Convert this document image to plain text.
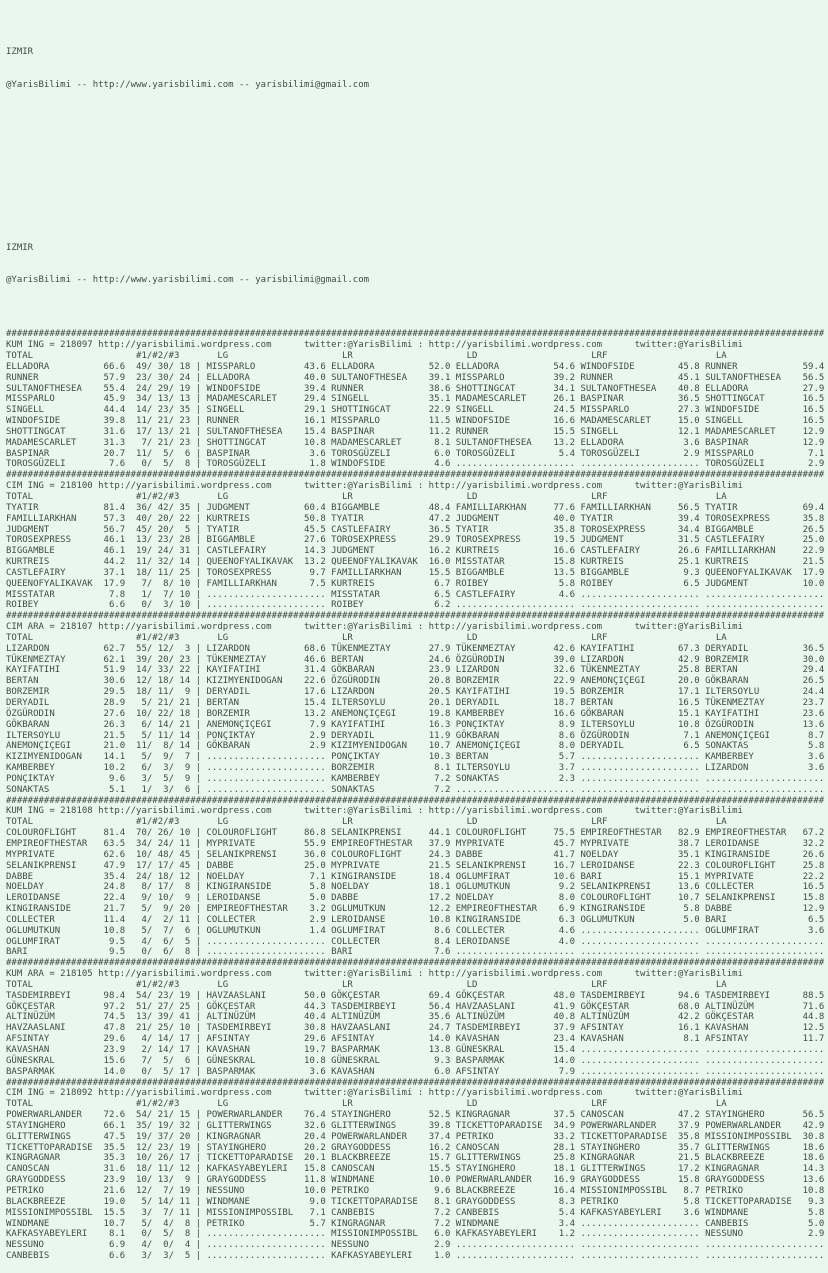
IZMIR

@YarisBilimi -- http://www.yarisbilimi.com -- yarisbilimi@gmail.com

IZMIR

@YarisBilimi -- http://www.yarisbilimi.com -- yarisbilimi@gmail.com

#######################################################################################################################################################
KUM ING = 218097 http://yarisbilimi.wordpress.com	twitter:@YarisBilimi : http://yarisbilimi.wordpress.com	twitter:@YarisBilimi
TOTAL                   #1/#2/#3       LG                     LR                     LD                     LRF                    LA
ELLADORA          66.6  49/ 30/ 18 | MISSPARLO         43.6 ELLADORA          52.0 ELLADORA          54.6 WINDOFSIDE        45.8 RUNNER            59.4
RUNNER            57.9  23/ 30/ 24 | ELLADORA          40.0 SULTANOFTHESEA    39.1 MISSPARLO         39.2 RUNNER            45.1 SULTANOFTHESEA    56.5
SULTANOFTHESEA    55.4  24/ 29/ 19 | WINDOFSIDE        39.4 RUNNER            38.6 SHOTTINGCAT       34.1 SULTANOFTHESEA    40.8 ELLADORA          27.9
MISSPARLO         45.9  34/ 13/ 13 | MADAMESCARLET     29.4 SINGELL           35.1 MADAMESCARLET     26.1 BASPINAR          36.5 SHOTTINGCAT       16.5
SINGELL           44.4  14/ 23/ 35 | SINGELL           29.1 SHOTTINGCAT       22.9 SINGELL           24.5 MISSPARLO         27.3 WINDOFSIDE        16.5
WINDOFSIDE        39.8  11/ 21/ 23 | RUNNER            16.1 MISSPARLO         11.5 WINDOFSIDE        16.6 MADAMESCARLET     15.0 SINGELL           16.5
SHOTTINGCAT       31.6  17/ 13/ 21 | SULTANOFTHESEA    15.4 BASPINAR          11.2 RUNNER            15.5 SINGELL           12.1 MADAMESCARLET     12.9
MADAMESCARLET     31.3   7/ 21/ 23 | SHOTTINGCAT       10.8 MADAMESCARLET      8.1 SULTANOFTHESEA    13.2 ELLADORA           3.6 BASPINAR          12.9
BASPINAR          20.7  11/  5/  6 | BASPINAR           3.6 TOROSGÜZELI        6.0 TOROSGÜZELI        5.4 TOROSGÜZELI        2.9 MISSPARLO          7.1
TOROSGÜZELI        7.6   0/  5/  8 | TOROSGÜZELI        1.8 WINDOFSIDE         4.6 ...................... ...................... TOROSGÜZELI        2.9
#######################################################################################################################################################
CIM ING = 218100 http://yarisbilimi.wordpress.com	twitter:@YarisBilimi : http://yarisbilimi.wordpress.com	twitter:@YarisBilimi
TOTAL                   #1/#2/#3       LG                     LR                     LD                     LRF                    LA
TYATIR            81.4  36/ 42/ 35 | JUDGMENT          60.4 BIGGAMBLE         48.4 FAMILLIARKHAN     77.6 FAMILLIARKHAN     56.5 TYATIR            69.4
FAMILLIARKHAN     57.3  40/ 20/ 22 | KURTREIS          50.8 TYATIR            47.2 JUDGMENT          40.0 TYATIR            39.4 TOROSEXPRESS      35.8
JUDGMENT          56.7  45/ 20/  5 | TYATIR            45.5 CASTLEFAIRY       36.5 TYATIR            35.8 TOROSEXPRESS      34.4 BIGGAMBLE         26.5
TOROSEXPRESS      46.1  13/ 23/ 28 | BIGGAMBLE         27.6 TOROSEXPRESS      29.9 TOROSEXPRESS      19.5 JUDGMENT          31.5 CASTLEFAIRY       25.0
BIGGAMBLE         46.1  19/ 24/ 31 | CASTLEFAIRY       14.3 JUDGMENT          16.2 KURTREIS          16.6 CASTLEFAIRY       26.6 FAMILLIARKHAN     22.9
KURTREIS          44.2  11/ 32/ 14 | QUEENOFYALIKAVAK  13.2 QUEENOFYALIKAVAK  16.0 MISSTATAR         15.8 KURTREIS          25.1 KURTREIS          21.5
CASTLEFAIRY       37.1  18/ 11/ 25 | TOROSEXPRESS       9.7 FAMILLIARKHAN     15.5 BIGGAMBLE         13.5 BIGGAMBLE          9.3 QUEENOFYALIKAVAK  17.9
QUEENOFYALIKAVAK  17.9   7/  8/ 10 | FAMILLIARKHAN      7.5 KURTREIS           6.7 ROIBEY             5.8 ROIBEY             6.5 JUDGMENT          10.0
MISSTATAR          7.8   1/  7/ 10 | ...................... MISSTATAR          6.5 CASTLEFAIRY        4.6 ...................... ......................
ROIBEY             6.6   0/  3/ 10 | ...................... ROIBEY             6.2 ...................... ...................... ......................
#######################################################################################################################################################
CIM ARA = 218107 http://yarisbilimi.wordpress.com	twitter:@YarisBilimi : http://yarisbilimi.wordpress.com	twitter:@YarisBilimi
TOTAL                   #1/#2/#3       LG                     LR                     LD                     LRF                    LA
LIZARDON          62.7  55/ 12/  3 | LIZARDON          68.6 TÜKENMEZTAY       27.9 TÜKENMEZTAY       42.6 KAYIFATIHI        67.3 DERYADIL          36.5
TÜKENMEZTAY       62.1  39/ 20/ 23 | TÜKENMEZTAY       46.6 BERTAN            24.6 ÖZGÜRODIN         39.0 LIZARDON          42.9 BORZEMIR          30.0
KAYIFATIHI        51.9  14/ 33/ 22 | KAYIFATIHI        31.4 GÖKBARAN          23.9 LIZARDON          32.6 TÜKENMEZTAY       25.8 BERTAN            29.4
BERTAN            30.6  12/ 18/ 14 | KIZIMYENIDOGAN    22.6 ÖZGÜRODIN         20.8 BORZEMIR          22.9 ANEMONÇIÇEGI      20.0 GÖKBARAN          26.5
BORZEMIR          29.5  18/ 11/  9 | DERYADIL          17.6 LIZARDON          20.5 KAYIFATIHI        19.5 BORZEMIR          17.1 ILTERSOYLU        24.4
DERYADIL          28.9   5/ 21/ 21 | BERTAN            15.4 ILTERSOYLU        20.1 DERYADIL          18.7 BERTAN            16.5 TÜKENMEZTAY       23.7
ÖZGÜRODIN         27.6  10/ 22/ 18 | BORZEMIR          13.2 ANEMONÇIÇEGI      19.8 KAMBERBEY         16.6 GÖKBARAN          15.1 KAYIFATIHI        23.6
GÖKBARAN          26.3   6/ 14/ 21 | ANEMONÇIÇEGI       7.9 KAYIFATIHI        16.3 PONÇIKTAY          8.9 ILTERSOYLU        10.8 ÖZGÜRODIN         13.6
ILTERSOYLU        21.5   5/ 11/ 14 | PONÇIKTAY          2.9 DERYADIL          11.9 GÖKBARAN           8.6 ÖZGÜRODIN          7.1 ANEMONÇIÇEGI       8.7
ANEMONÇIÇEGI      21.0  11/  8/ 14 | GÖKBARAN           2.9 KIZIMYENIDOGAN    10.7 ANEMONÇIÇEGI       8.0 DERYADIL           6.5 SONAKTAS           5.8
KIZIMYENIDOGAN    14.1   5/  9/  7 | ...................... PONÇIKTAY         10.3 BERTAN             5.7 ...................... KAMBERBEY          3.6
KAMBERBEY         10.2   6/  3/  9 | ...................... BORZEMIR           8.1 ILTERSOYLU         3.7 ...................... LIZARDON           3.6
PONÇIKTAY          9.6   3/  5/  9 | ...................... KAMBERBEY          7.2 SONAKTAS           2.3 ...................... ......................
SONAKTAS           5.1   1/  3/  6 | ...................... SONAKTAS           7.2 ...................... ...................... ......................
#######################################################################################################################################################
KUM ING = 218108 http://yarisbilimi.wordpress.com	twitter:@YarisBilimi : http://yarisbilimi.wordpress.com	twitter:@YarisBilimi
TOTAL                   #1/#2/#3       LG                     LR                     LD                     LRF                    LA
COLOUROFLIGHT     81.4  70/ 26/ 10 | COLOUROFLIGHT     86.8 SELANIKPRENSI     44.1 COLOUROFLIGHT     75.5 EMPIREOFTHESTAR   82.9 EMPIREOFTHESTAR   67.2
EMPIREOFTHESTAR   63.5  34/ 24/ 11 | MYPRIVATE         55.9 EMPIREOFTHESTAR   37.9 MYPRIVATE         45.7 MYPRIVATE         38.7 LEROIDANSE        32.2
MYPRIVATE         62.6  10/ 48/ 45 | SELANIKPRENSI     36.0 COLOUROFLIGHT     24.3 DABBE             41.7 NOELDAY           35.1 KINGIRANSIDE      26.6
SELANIKPRENSI     47.9  17/ 17/ 45 | DABBE             25.0 MYPRIVATE         21.5 SELANIKPRENSI     16.7 LEROIDANSE        22.3 COLOUROFLIGHT     25.8
DABBE             35.4  24/ 18/ 12 | NOELDAY            7.1 KINGIRANSIDE      18.4 OGLUMFIRAT        10.6 BARI              15.1 MYPRIVATE         22.2
NOELDAY           24.8   8/ 17/  8 | KINGIRANSIDE       5.8 NOELDAY           18.1 OGLUMUTKUN         9.2 SELANIKPRENSI     13.6 COLLECTER         16.5
LEROIDANSE        22.4   9/ 10/  9 | LEROIDANSE         5.0 DABBE             17.2 NOELDAY            8.0 COLOUROFLIGHT     10.7 SELANIKPRENSI     15.8
KINGIRANSIDE      21.7   5/  9/ 20 | EMPIREOFTHESTAR    3.2 OGLUMUTKUN        12.2 EMPIREOFTHESTAR    6.9 KINGIRANSIDE       5.8 DABBE             12.9
COLLECTER         11.4   4/  2/ 11 | COLLECTER          2.9 LEROIDANSE        10.8 KINGIRANSIDE       6.3 OGLUMUTKUN         5.0 BARI               6.5
OGLUMUTKUN        10.8   5/  7/  6 | OGLUMUTKUN         1.4 OGLUMFIRAT         8.6 COLLECTER          4.6 ...................... OGLUMFIRAT         3.6
OGLUMFIRAT         9.5   4/  6/  5 | ...................... COLLECTER          8.4 LEROIDANSE         4.0 ...................... ......................
BARI               9.5   0/  6/  8 | ...................... BARI               7.6 ...................... ...................... ......................
#######################################################################################################################################################
KUM ARA = 218105 http://yarisbilimi.wordpress.com	twitter:@YarisBilimi : http://yarisbilimi.wordpress.com	twitter:@YarisBilimi
TOTAL                   #1/#2/#3       LG                     LR                     LD                     LRF                    LA
TASDEMIRBEYI      98.4  54/ 23/ 19 | HAVZAASLANI       50.0 GÖKÇESTAR         69.4 GÖKÇESTAR         48.0 TASDEMIRBEYI      94.6 TASDEMIRBEYI      88.5
GÖKÇESTAR         97.2  51/ 27/ 25 | GÖKÇESTAR         44.3 TASDEMIRBEYI      56.4 HAVZAASLANI       41.9 GÖKÇESTAR         68.0 ALTINÜZÜM         71.6
ALTINÜZÜM         74.5  13/ 39/ 41 | ALTINÜZÜM         40.4 ALTINÜZÜM         35.6 ALTINÜZÜM         40.8 ALTINÜZÜM         42.2 GÖKÇESTAR         44.8
HAVZAASLANI       47.8  21/ 25/ 10 | TASDEMIRBEYI      30.8 HAVZAASLANI       24.7 TASDEMIRBEYI      37.9 AFSINTAY          16.1 KAVASHAN          12.5
AFSINTAY          29.6   4/ 14/ 17 | AFSINTAY          29.6 AFSINTAY          14.0 KAVASHAN          23.4 KAVASHAN           8.1 AFSINTAY          11.7
KAVASHAN          23.9   2/ 14/ 17 | KAVASHAN          19.7 BASPARMAK         13.8 GÜNESKRAL         15.4 ...................... ......................
GÜNESKRAL         15.6   7/  5/  6 | GÜNESKRAL         10.8 GÜNESKRAL          9.3 BASPARMAK         14.0 ...................... ......................
BASPARMAK         14.0   0/  5/ 17 | BASPARMAK          3.6 KAVASHAN           6.0 AFSINTAY           7.9 ...................... ......................
#######################################################################################################################################################
CIM ING = 218092 http://yarisbilimi.wordpress.com	twitter:@YarisBilimi : http://yarisbilimi.wordpress.com	twitter:@YarisBilimi
TOTAL                   #1/#2/#3       LG                     LR                     LD                     LRF                    LA
POWERWARLANDER    72.6  54/ 21/ 15 | POWERWARLANDER    76.4 STAYINGHERO       52.5 KINGRAGNAR        37.5 CANOSCAN          47.2 STAYINGHERO       56.5
STAYINGHERO       66.1  35/ 19/ 32 | GLITTERWINGS      32.6 GLITTERWINGS      39.8 TICKETTOPARADISE  34.9 POWERWARLANDER    37.9 POWERWARLANDER    42.9
GLITTERWINGS      47.5  19/ 37/ 20 | KINGRAGNAR        20.4 POWERWARLANDER    37.4 PETRIKO           33.2 TICKETTOPARADISE  35.8 MISSIONIMPOSSIBL  30.8
TICKETTOPARADISE  35.5  12/ 23/ 19 | STAYINGHERO       20.2 GRAYGODDESS       16.2 CANOSCAN          28.1 STAYINGHERO       35.7 GLITTERWINGS      18.6
KINGRAGNAR        35.3  10/ 26/ 17 | TICKETTOPARADISE  20.1 BLACKBREEZE       15.7 GLITTERWINGS      25.8 KINGRAGNAR        21.5 BLACKBREEZE       18.6
CANOSCAN          31.6  18/ 11/ 12 | KAFKASYABEYLERI   15.8 CANOSCAN          15.5 STAYINGHERO       18.1 GLITTERWINGS      17.2 KINGRAGNAR        14.3
GRAYGODDESS       23.9  10/ 13/  9 | GRAYGODDESS       11.8 WINDMANE          10.0 POWERWARLANDER    16.9 GRAYGODDESS       15.8 GRAYGODDESS       13.6
PETRIKO           21.6  12/  7/ 19 | NESSUNO           10.0 PETRIKO            9.6 BLACKBREEZE       16.4 MISSIONIMPOSSIBL   8.7 PETRIKO           10.8
BLACKBREEZE       19.0   5/ 14/ 11 | WINDMANE           9.0 TICKETTOPARADISE   8.1 GRAYGODDESS        8.3 PETRIKO            5.8 TICKETTOPARADISE   9.3
MISSIONIMPOSSIBL  15.5   3/  7/ 11 | MISSIONIMPOSSIBL   7.1 CANBEBIS           7.2 CANBEBIS           5.4 KAFKASYABEYLERI    3.6 WINDMANE           5.8
WINDMANE          10.7   5/  4/  8 | PETRIKO            5.7 KINGRAGNAR         7.2 WINDMANE           3.4 ...................... CANBEBIS           5.0
KAFKASYABEYLERI    8.1   0/  5/  8 | ...................... MISSIONIMPOSSIBL   6.0 KAFKASYABEYLERI    1.2 ...................... NESSUNO            2.9
NESSUNO            6.9   4/  0/  4 | ...................... NESSUNO            2.9 ...................... ...................... ......................
CANBEBIS           6.6   3/  3/  5 | ...................... KAFKASYABEYLERI    1.0 ...................... ...................... ......................
